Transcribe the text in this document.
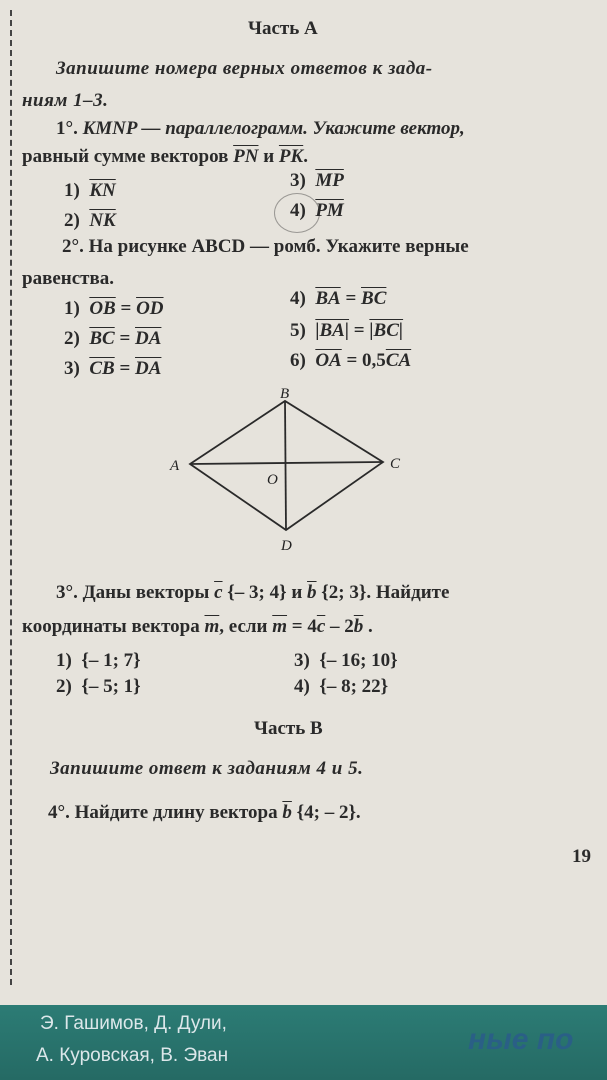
Часть А
Запишите номера верных ответов к зада-
ниям 1–3.
1°. KMNP — параллелограмм. Укажите вектор,
равный сумме векторов $\overline{PN}$ и $\overline{PK}$.
1) $\overline{KN}$
2) $\overline{NK}$
3) $\overline{MP}$
4) $\overline{PM}$
2°. На рисунке ABCD — ромб. Укажите верные
равенства.
1) $\overline{OB} = \overline{OD}$
2) $\overline{BC} = \overline{DA}$
3) $\overline{CB} = \overline{DA}$
4) $\overline{BA} = \overline{BC}$
5) |BA| = |BC|
6) $\overline{OA} = 0,5\overline{CA}$
B
A	C
D
O
3°. Даны векторы $\overline{c}$ {– 3; 4} и $\overline{b}$ {2; 3}. Найдите
координаты вектора $\overline{m}$, если $\overline{m} = 4\overline{c} - 2\overline{b}$ .
1) {– 1; 7}
2) {– 5; 1}
3) {– 16; 10}
4) {– 8; 22}
Часть В
Запишите ответ к заданиям 4 и 5.
4°. Найдите длину вектора $\overline{b}$ {4; – 2}.
19
Э. Гашимов, Д. Дули,
А. Куровская, В. Эван	ные по
